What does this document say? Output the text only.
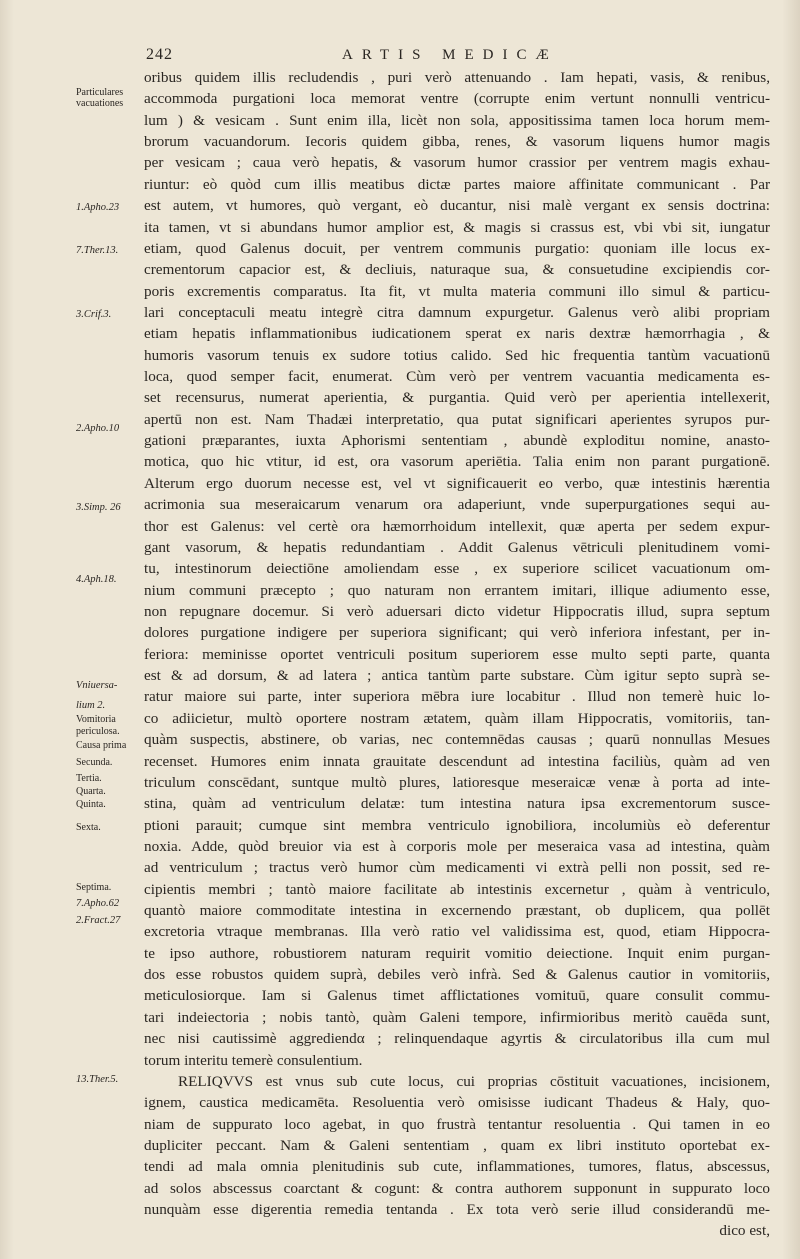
242	ARTIS MEDICÆ
Particulares
vacuationes
1.Apho.23
7.Ther.13.
3.Crif.3.
2.Apho.10
3.Simp. 26
4.Aph.18.
Vniuersa-
lium 2.
Vomitoria
periculosa.
Causa prima
Secunda.
Tertia.
Quarta.
Quinta.
Sexta.
Septima.
7.Apho.62
2.Fract.27
13.Ther.5.
oribus quidem illis recludendis , puri verò attenuando . Iam hepati, vasis, & renibus,
accommoda purgationi loca memorat ventre (corrupte enim vertunt nonnulli ventricu-
lum ) & vesicam . Sunt enim illa, licèt non sola, appositissima tamen loca horum mem-
brorum vacuandorum. Iecoris quidem gibba, renes, & vasorum liquens humor magis
per vesicam ; caua verò hepatis, & vasorum humor crassior per ventrem magis exhau-
riuntur: eò quòd cum illis meatibus dictæ partes maiore affinitate communicant . Par
est autem, vt humores, quò vergant, eò ducantur, nisi malè vergant ex sensis doctrina:
ita tamen, vt si abundans humor amplior est, & magis si crassus est, vbi vbi sit, iungatur
etiam, quod Galenus docuit, per ventrem communis purgatio: quoniam ille locus ex-
crementorum capacior est, & decliuis, naturaque sua, & consuetudine excipiendis cor-
poris excrementis comparatus. Ita fit, vt multa materia communi illo simul & particu-
lari conceptaculi meatu integrè citra damnum expurgetur. Galenus verò alibi propriam
etiam hepatis inflammationibus iudicationem sperat ex naris dextræ hæmorrhagia , &
humoris vasorum tenuis ex sudore totius calido. Sed hic frequentia tantùm vacuationū
loca, quod semper facit, enumerat. Cùm verò per ventrem vacuantia medicamenta es-
set recensurus, numerat aperientia, & purgantia. Quid verò per aperientia intellexerit,
apertū non est. Nam Thadæi interpretatio, qua putat significari aperientes syrupos pur-
gationi præparantes, iuxta Aphorismi sententiam , abundè explodituı nomine, anasto-
motica, quo hic vtitur, id est, ora vasorum aperiētia. Talia enim non parant purgationē.
Alterum ergo duorum necesse est, vel vt significauerit eo verbo, quæ intestinis hærentia
acrimonia sua meseraicarum venarum ora adaperiunt, vnde superpurgationes sequi au-
thor est Galenus: vel certè ora hæmorrhoidum intellexit, quæ aperta per sedem expur-
gant vasorum, & hepatis redundantiam . Addit Galenus vētriculi plenitudinem vomi-
tu, intestinorum deiectiōne amoliendam esse , ex superiore scilicet vacuationum om-
nium communi præcepto ; quo naturam non errantem imitari, illique adiumento esse,
non repugnare docemur. Si verò aduersari dicto videtur Hippocratis illud, supra septum
dolores purgatione indigere per superiora significant; qui verò inferiora infestant, per in-
feriora: meminisse oportet ventriculi positum superiorem esse multo septi parte, quanta
est & ad dorsum, & ad latera ; antica tantùm parte substare. Cùm igitur septo suprà se-
ratur maiore sui parte, inter superiora mēbra iure locabitur . Illud non temerè huic lo-
co adiicietur, multò oportere nostram ætatem, quàm illam Hippocratis, vomitoriis, tan-
quàm suspectis, abstinere, ob varias, nec contemnēdas causas ; quarū nonnullas Mesues
recenset. Humores enim innata grauitate descendunt ad intestina faciliùs, quàm ad ven
triculum conscēdant, suntque multò plures, latioresque meseraicæ venæ à porta ad inte-
stina, quàm ad ventriculum delatæ: tum intestina natura ipsa excrementorum susce-
ptioni parauit; cumque sint membra ventriculo ignobiliora, incolumiùs eò deferentur
noxia. Adde, quòd breuior via est à corporis mole per meseraica vasa ad intestina, quàm
ad ventriculum ; tractus verò humor cùm medicamenti vi extrà pelli non possit, sed re-
cipientis membri ; tantò maiore facilitate ab intestinis excernetur , quàm à ventriculo,
quantò maiore commoditate intestina in excernendo præstant, ob duplicem, qua pollēt
excretoria vtraque membranas. Illa verò ratio vel validissima est, quod, etiam Hippocra-
te ipso authore, robustiorem naturam requirit vomitio deiectione. Inquit enim purgan-
dos esse robustos quidem suprà, debiles verò infrà. Sed & Galenus cautior in vomitoriis,
meticulosiorque. Iam si Galenus timet afflictationes vomituū, quare consulit commu-
tari indeiectoria ; nobis tantò, quàm Galeni tempore, infirmioribus meritò cauēda sunt,
nec nisi cautissimè aggrediendα ; relinquendaque agyrtis & circulatoribus illa cum mul
torum interitu temerè consulentium.
RELIQVVS est vnus sub cute locus, cui proprias cōstituit vacuationes, incisionem,
ignem, caustica medicamēta. Resoluentia verò omisisse iudicant Thadeus & Haly, quo-
niam de suppurato loco agebat, in quo frustrà tentantur resoluentia . Qui tamen in eo
dupliciter peccant. Nam & Galeni sententiam , quam ex libri instituto oportebat ex-
tendi ad mala omnia plenitudinis sub cute, inflammationes, tumores, flatus, abscessus,
ad solos abscessus coarctant & cogunt: & contra authorem supponunt in suppurato loco
nunquàm esse digerentia remedia tentanda . Ex tota verò serie illud considerandū me-
dico est,
